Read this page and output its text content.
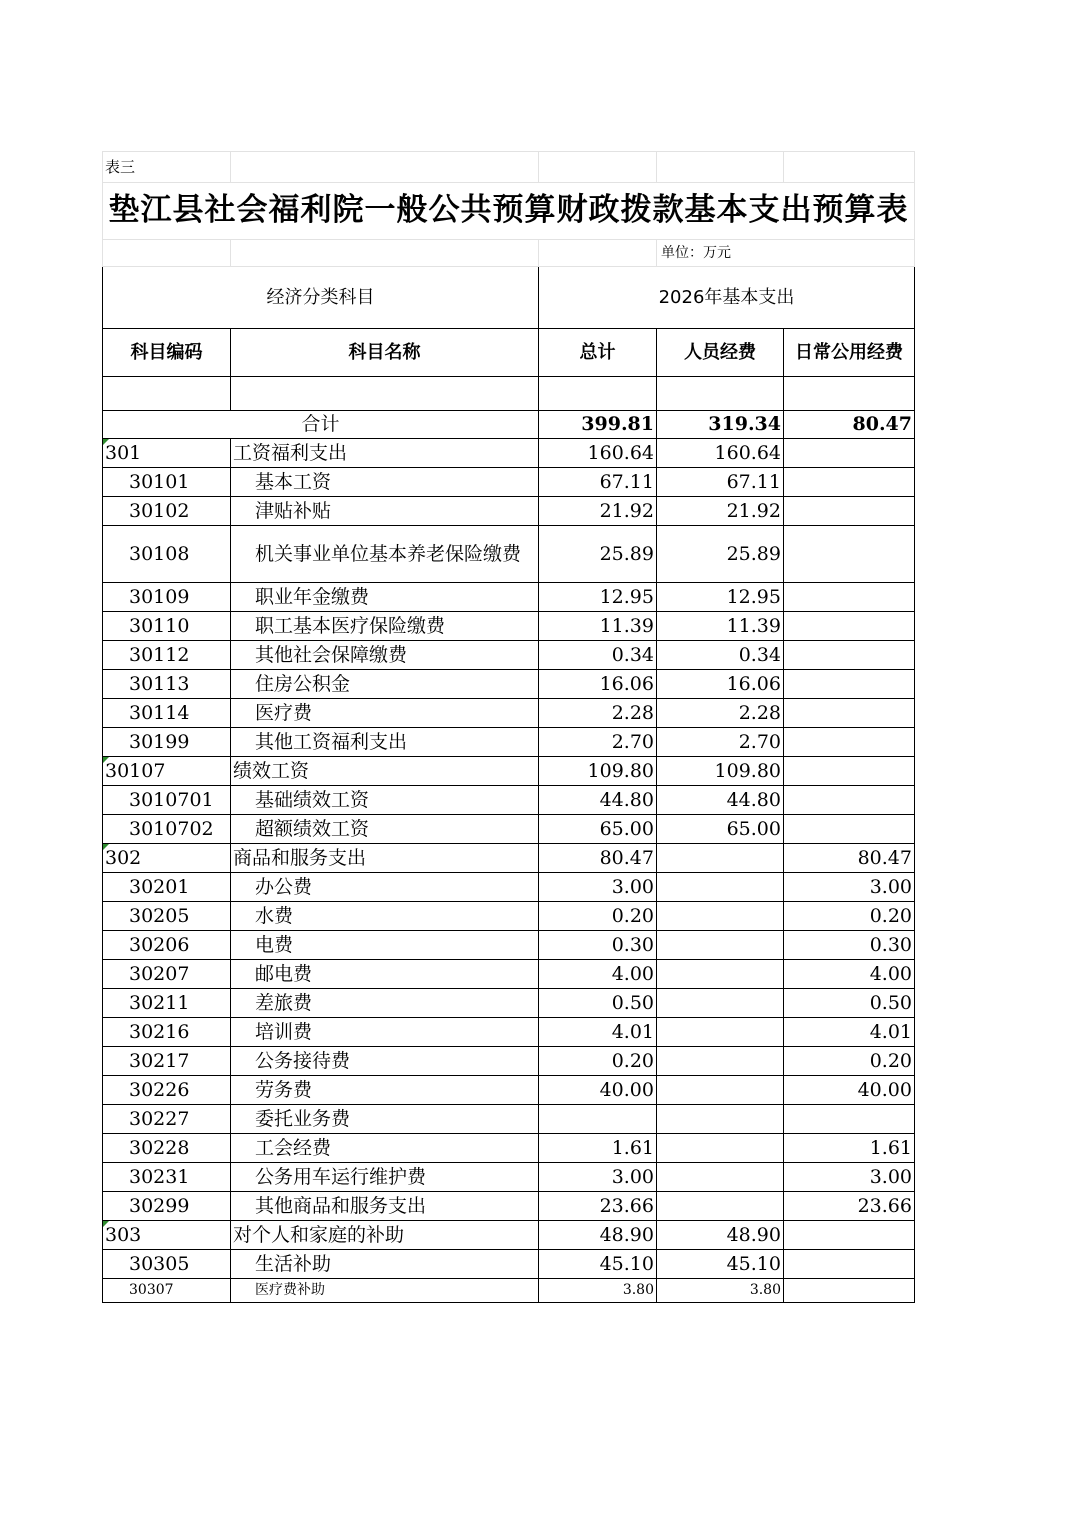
表三				
垫江县社会福利院一般公共预算财政拨款基本支出预算表				
			单位：万元	
经济分类科目		2026年基本支出		
科目编码	科目名称	总计	人员经费	日常公用经费

合计		399.81	319.34	80.47
301	工资福利支出	160.64	160.64	
30101	基本工资	67.11	67.11	
30102	津贴补贴	21.92	21.92	
30108	机关事业单位基本养老保险缴费	25.89	25.89	
30109	职业年金缴费	12.95	12.95	
30110	职工基本医疗保险缴费	11.39	11.39	
30112	其他社会保障缴费	0.34	0.34	
30113	住房公积金	16.06	16.06	
30114	医疗费	2.28	2.28	
30199	其他工资福利支出	2.70	2.70	
30107	绩效工资	109.80	109.80	
3010701	基础绩效工资	44.80	44.80	
3010702	超额绩效工资	65.00	65.00	
302	商品和服务支出	80.47		80.47
30201	办公费	3.00		3.00
30205	水费	0.20		0.20
30206	电费	0.30		0.30
30207	邮电费	4.00		4.00
30211	差旅费	0.50		0.50
30216	培训费	4.01		4.01
30217	公务接待费	0.20		0.20
30226	劳务费	40.00		40.00
30227	委托业务费			
30228	工会经费	1.61		1.61
30231	公务用车运行维护费	3.00		3.00
30299	其他商品和服务支出	23.66		23.66
303	对个人和家庭的补助	48.90	48.90	
30305	生活补助	45.10	45.10	
30307	医疗费补助	3.80	3.80	
